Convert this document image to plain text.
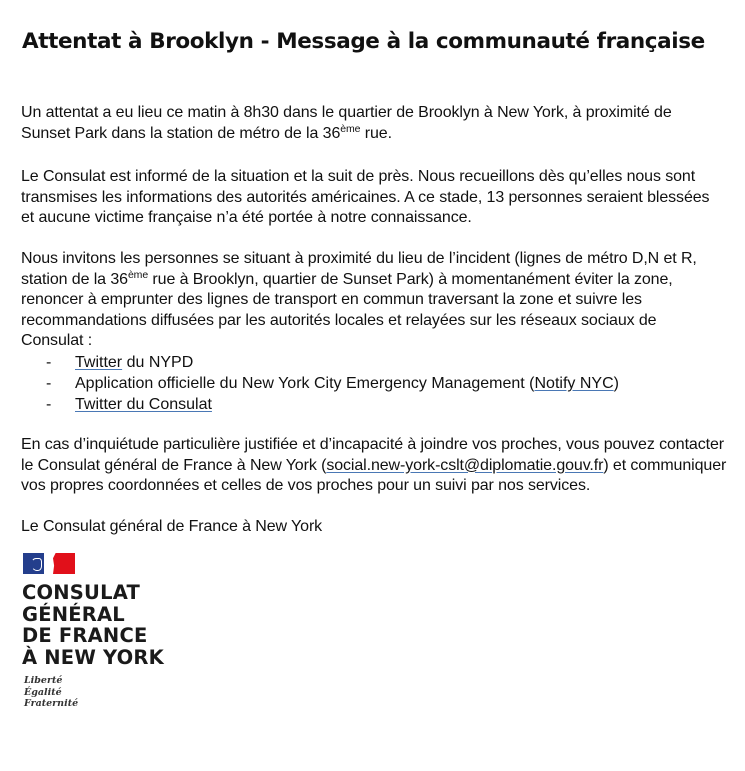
Attentat à Brooklyn - Message à la communauté française
Un attentat a eu lieu ce matin à 8h30 dans le quartier de Brooklyn à New York, à proximité de
Sunset Park dans la station de métro de la 36ème rue.
Le Consulat est informé de la situation et la suit de près. Nous recueillons dès qu’elles nous sont
transmises les informations des autorités américaines. A ce stade, 13 personnes seraient blessées
et aucune victime française n’a été portée à notre connaissance.
Nous invitons les personnes se situant à proximité du lieu de l’incident (lignes de métro D,N et R,
station de la 36ème rue à Brooklyn, quartier de Sunset Park) à momentanément éviter la zone,
renoncer à emprunter des lignes de transport en commun traversant la zone et suivre les
recommandations diffusées par les autorités locales et relayées sur les réseaux sociaux de
Consulat :
- Twitter du NYPD
- Application officielle du New York City Emergency Management (Notify NYC)
- Twitter du Consulat
En cas d’inquiétude particulière justifiée et d’incapacité à joindre vos proches, vous pouvez contacter
le Consulat général de France à New York (social.new-york-cslt@diplomatie.gouv.fr) et communiquer
vos propres coordonnées et celles de vos proches pour un suivi par nos services.
Le Consulat général de France à New York
CONSULAT
GÉNÉRAL
DE FRANCE
À NEW YORK
Liberté
Égalité
Fraternité
